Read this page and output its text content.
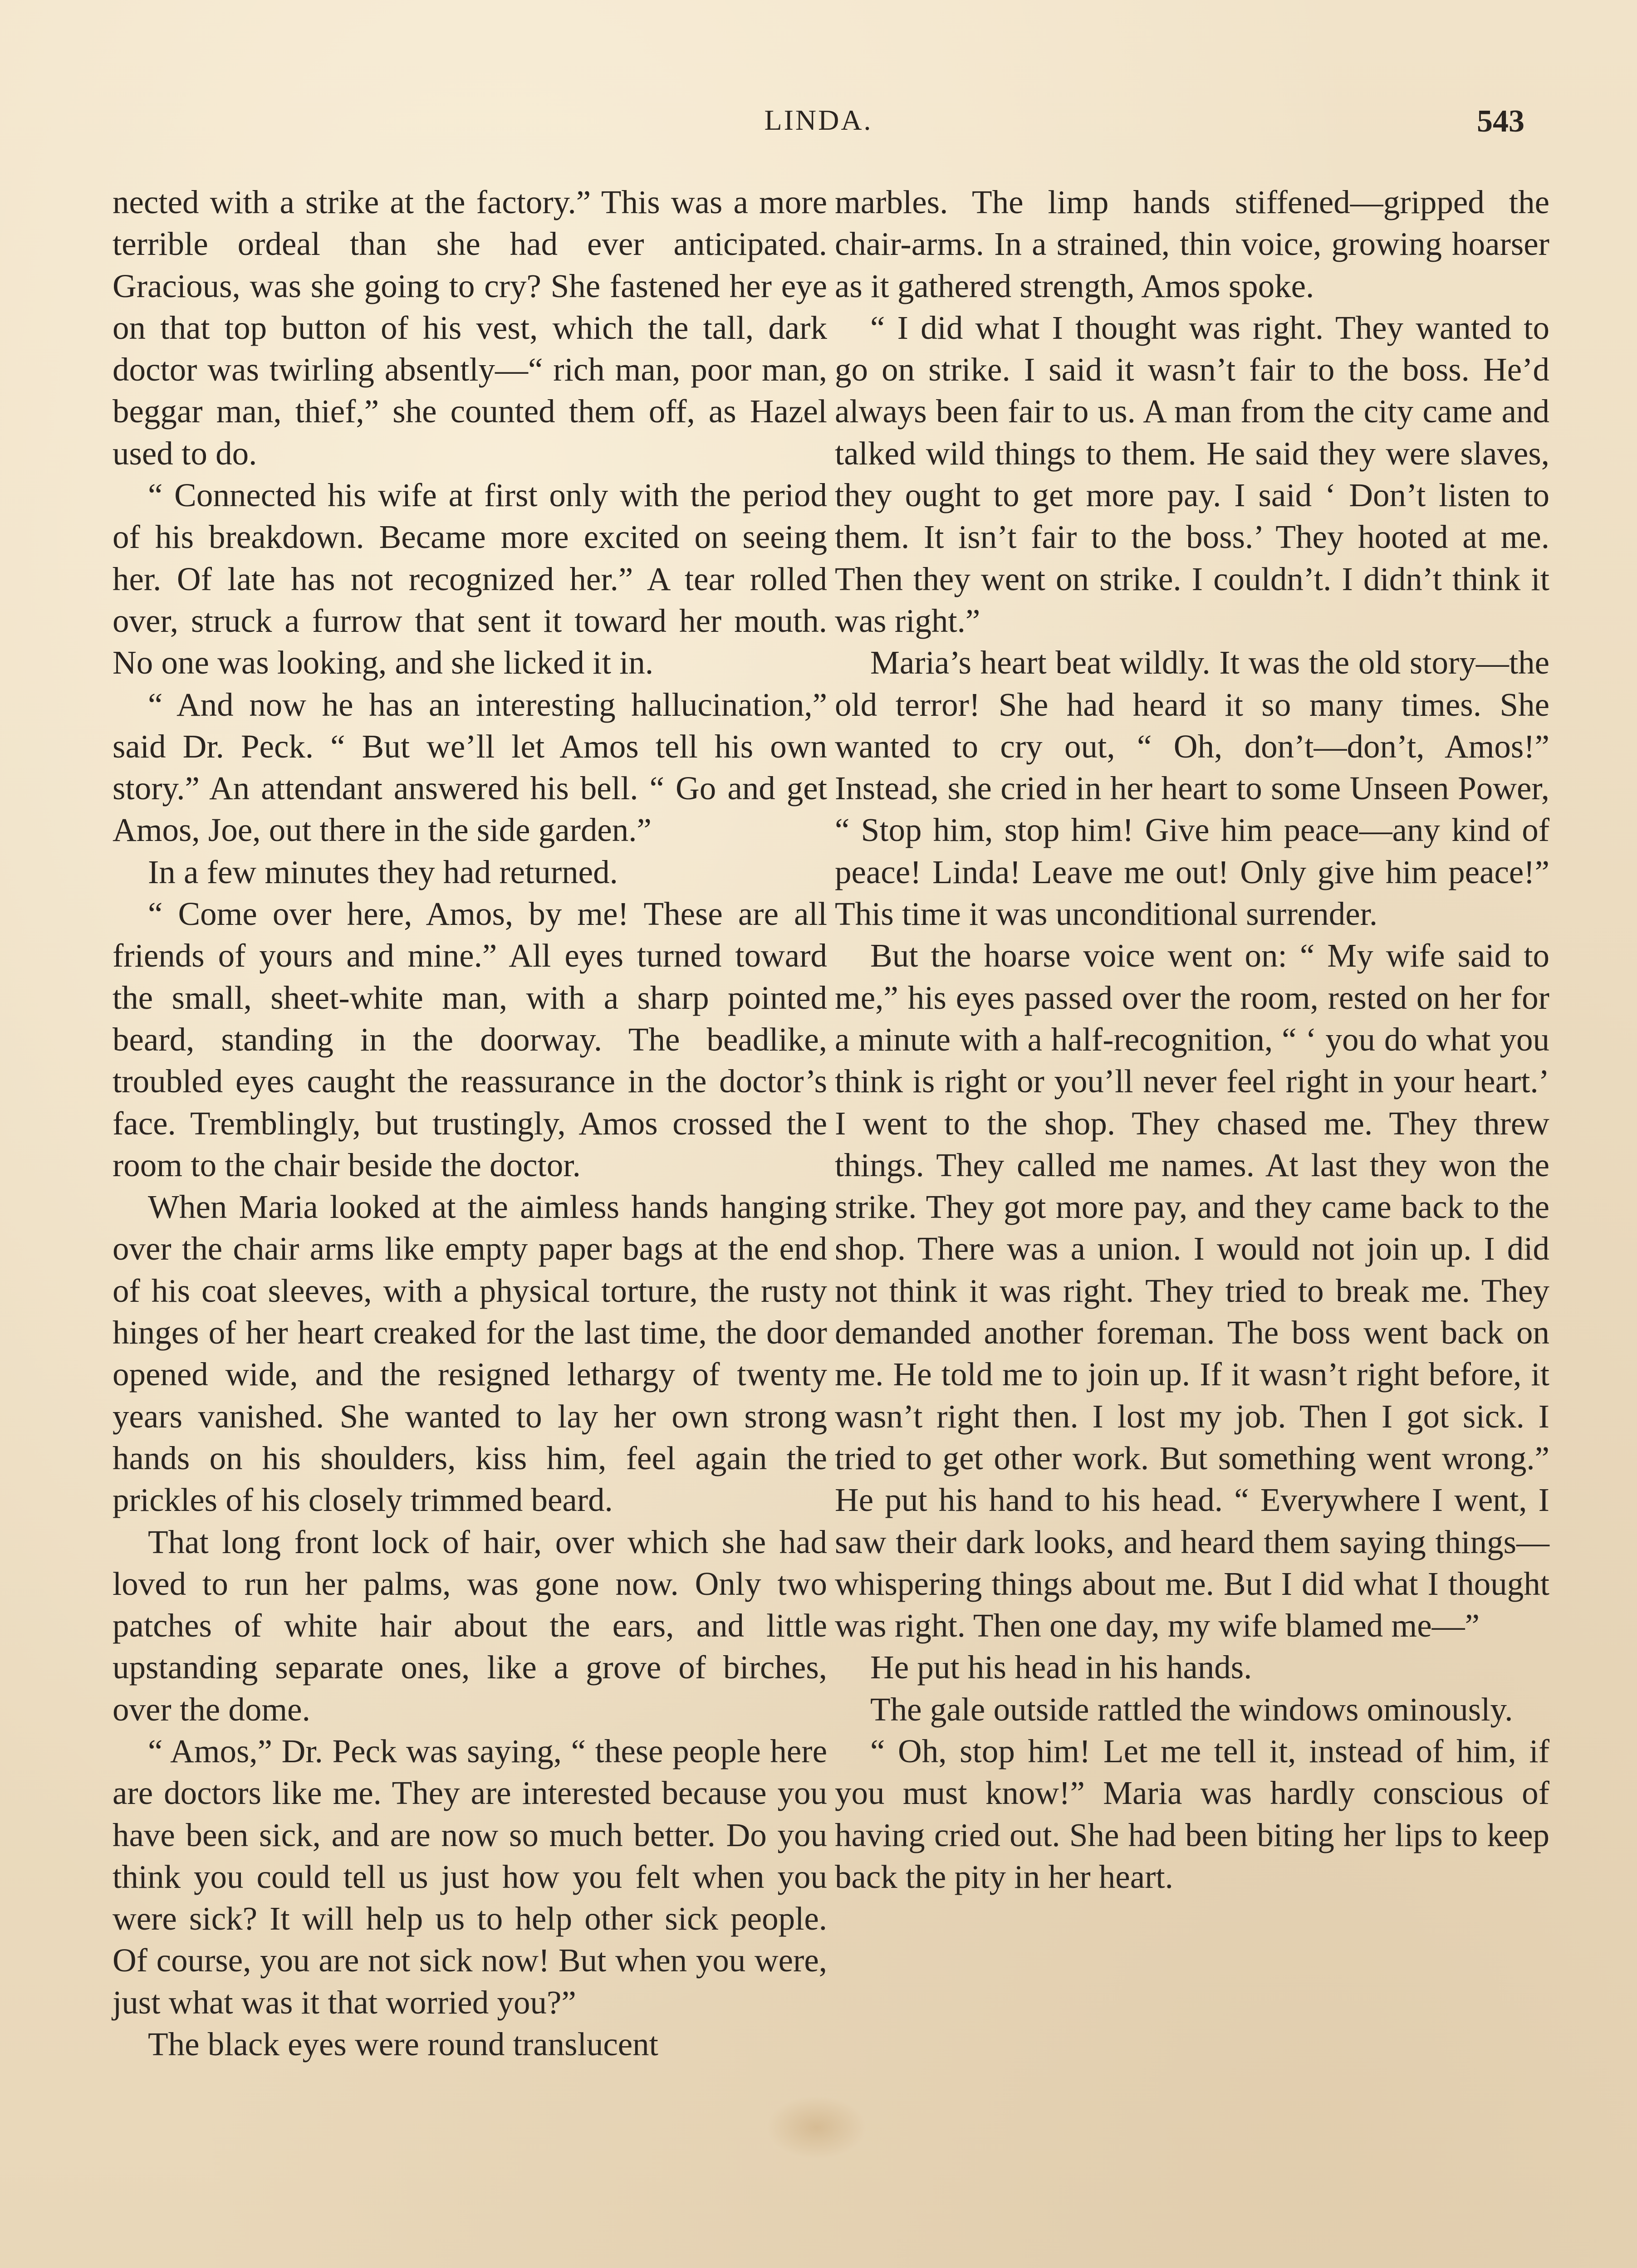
LINDA.	543

nected with a strike at the factory.” This was a more terrible ordeal than she had ever anticipated. Gracious, was she going to cry? She fastened her eye on that top button of his vest, which the tall, dark doctor was twirling absently—“ rich man, poor man, beggar man, thief,” she counted them off, as Hazel used to do.

“ Connected his wife at first only with the period of his breakdown. Became more excited on seeing her. Of late has not recognized her.” A tear rolled over, struck a furrow that sent it toward her mouth. No one was looking, and she licked it in.

“ And now he has an interesting hallucination,” said Dr. Peck. “ But we’ll let Amos tell his own story.” An attendant answered his bell. “ Go and get Amos, Joe, out there in the side garden.”

In a few minutes they had returned.

“ Come over here, Amos, by me! These are all friends of yours and mine.” All eyes turned toward the small, sheet-white man, with a sharp pointed beard, standing in the doorway. The beadlike, troubled eyes caught the reassurance in the doctor’s face. Tremblingly, but trustingly, Amos crossed the room to the chair beside the doctor.

When Maria looked at the aimless hands hanging over the chair arms like empty paper bags at the end of his coat sleeves, with a physical torture, the rusty hinges of her heart creaked for the last time, the door opened wide, and the resigned lethargy of twenty years vanished. She wanted to lay her own strong hands on his shoulders, kiss him, feel again the prickles of his closely trimmed beard.

That long front lock of hair, over which she had loved to run her palms, was gone now. Only two patches of white hair about the ears, and little upstanding separate ones, like a grove of birches, over the dome.

“ Amos,” Dr. Peck was saying, “ these people here are doctors like me. They are interested because you have been sick, and are now so much better. Do you think you could tell us just how you felt when you were sick? It will help us to help other sick people. Of course, you are not sick now! But when you were, just what was it that worried you?”

The black eyes were round translucent

marbles. The limp hands stiffened—gripped the chair-arms. In a strained, thin voice, growing hoarser as it gathered strength, Amos spoke.

“ I did what I thought was right. They wanted to go on strike. I said it wasn’t fair to the boss. He’d always been fair to us. A man from the city came and talked wild things to them. He said they were slaves, they ought to get more pay. I said ‘ Don’t listen to them. It isn’t fair to the boss.’ They hooted at me. Then they went on strike. I couldn’t. I didn’t think it was right.”

Maria’s heart beat wildly. It was the old story—the old terror! She had heard it so many times. She wanted to cry out, “ Oh, don’t—don’t, Amos!” Instead, she cried in her heart to some Unseen Power, “ Stop him, stop him! Give him peace—any kind of peace! Linda! Leave me out! Only give him peace!” This time it was unconditional surrender.

But the hoarse voice went on: “ My wife said to me,” his eyes passed over the room, rested on her for a minute with a half-recognition, “ ‘ you do what you think is right or you’ll never feel right in your heart.’ I went to the shop. They chased me. They threw things. They called me names. At last they won the strike. They got more pay, and they came back to the shop. There was a union. I would not join up. I did not think it was right. They tried to break me. They demanded another foreman. The boss went back on me. He told me to join up. If it wasn’t right before, it wasn’t right then. I lost my job. Then I got sick. I tried to get other work. But something went wrong.” He put his hand to his head. “ Everywhere I went, I saw their dark looks, and heard them saying things—whispering things about me. But I did what I thought was right. Then one day, my wife blamed me—”

He put his head in his hands.

The gale outside rattled the windows ominously.

“ Oh, stop him! Let me tell it, instead of him, if you must know!” Maria was hardly conscious of having cried out. She had been biting her lips to keep back the pity in her heart.
